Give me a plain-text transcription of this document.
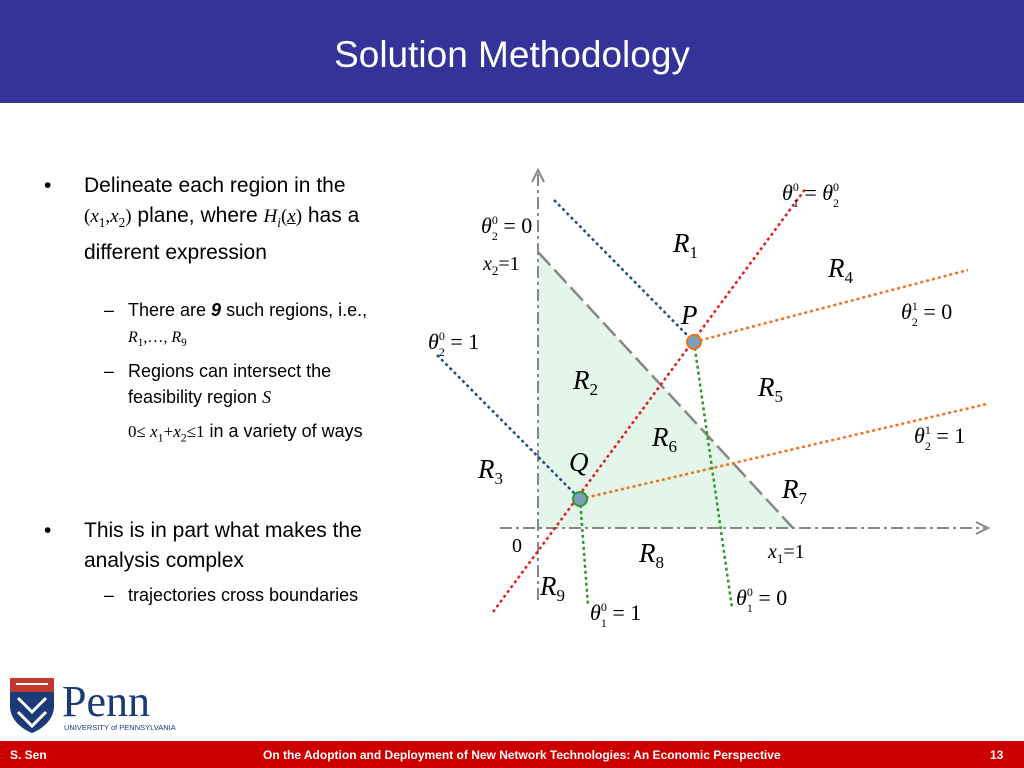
Solution Methodology
• Delineate each region in the $(x_1,x_2)$ plane, where $H_i(x)$ has a different expression
– There are 9 such regions, i.e., $R_1,\dots$, $R_9$
– Regions can intersect the feasibility region S
$0\le x_1+x_2\le 1$ in a variety of ways
• This is in part what makes the analysis complex
– trajectories cross boundaries
$R_1$
$R_2$
$R_3$
$R_4$
$R_5$
$R_6$
$R_7$
$R_8$
$R_9$
P
Q
0
$x_2=1$
$x_1=1$
$\theta^0$ $1 = \theta^0$ 2
$\theta^0$ 2 = 0
$\theta^0$ 2 = 1
$\theta^1$ 2 = 0
$\theta^1$ 2 = 1
$\theta^0$ 1 = 0
$\theta^0$ 1 = 1
Penn
UNIVERSITY of PENNSYLVANIA
S. Sen	On the Adoption and Deployment of New Network Technologies: An Economic Perspective	13
